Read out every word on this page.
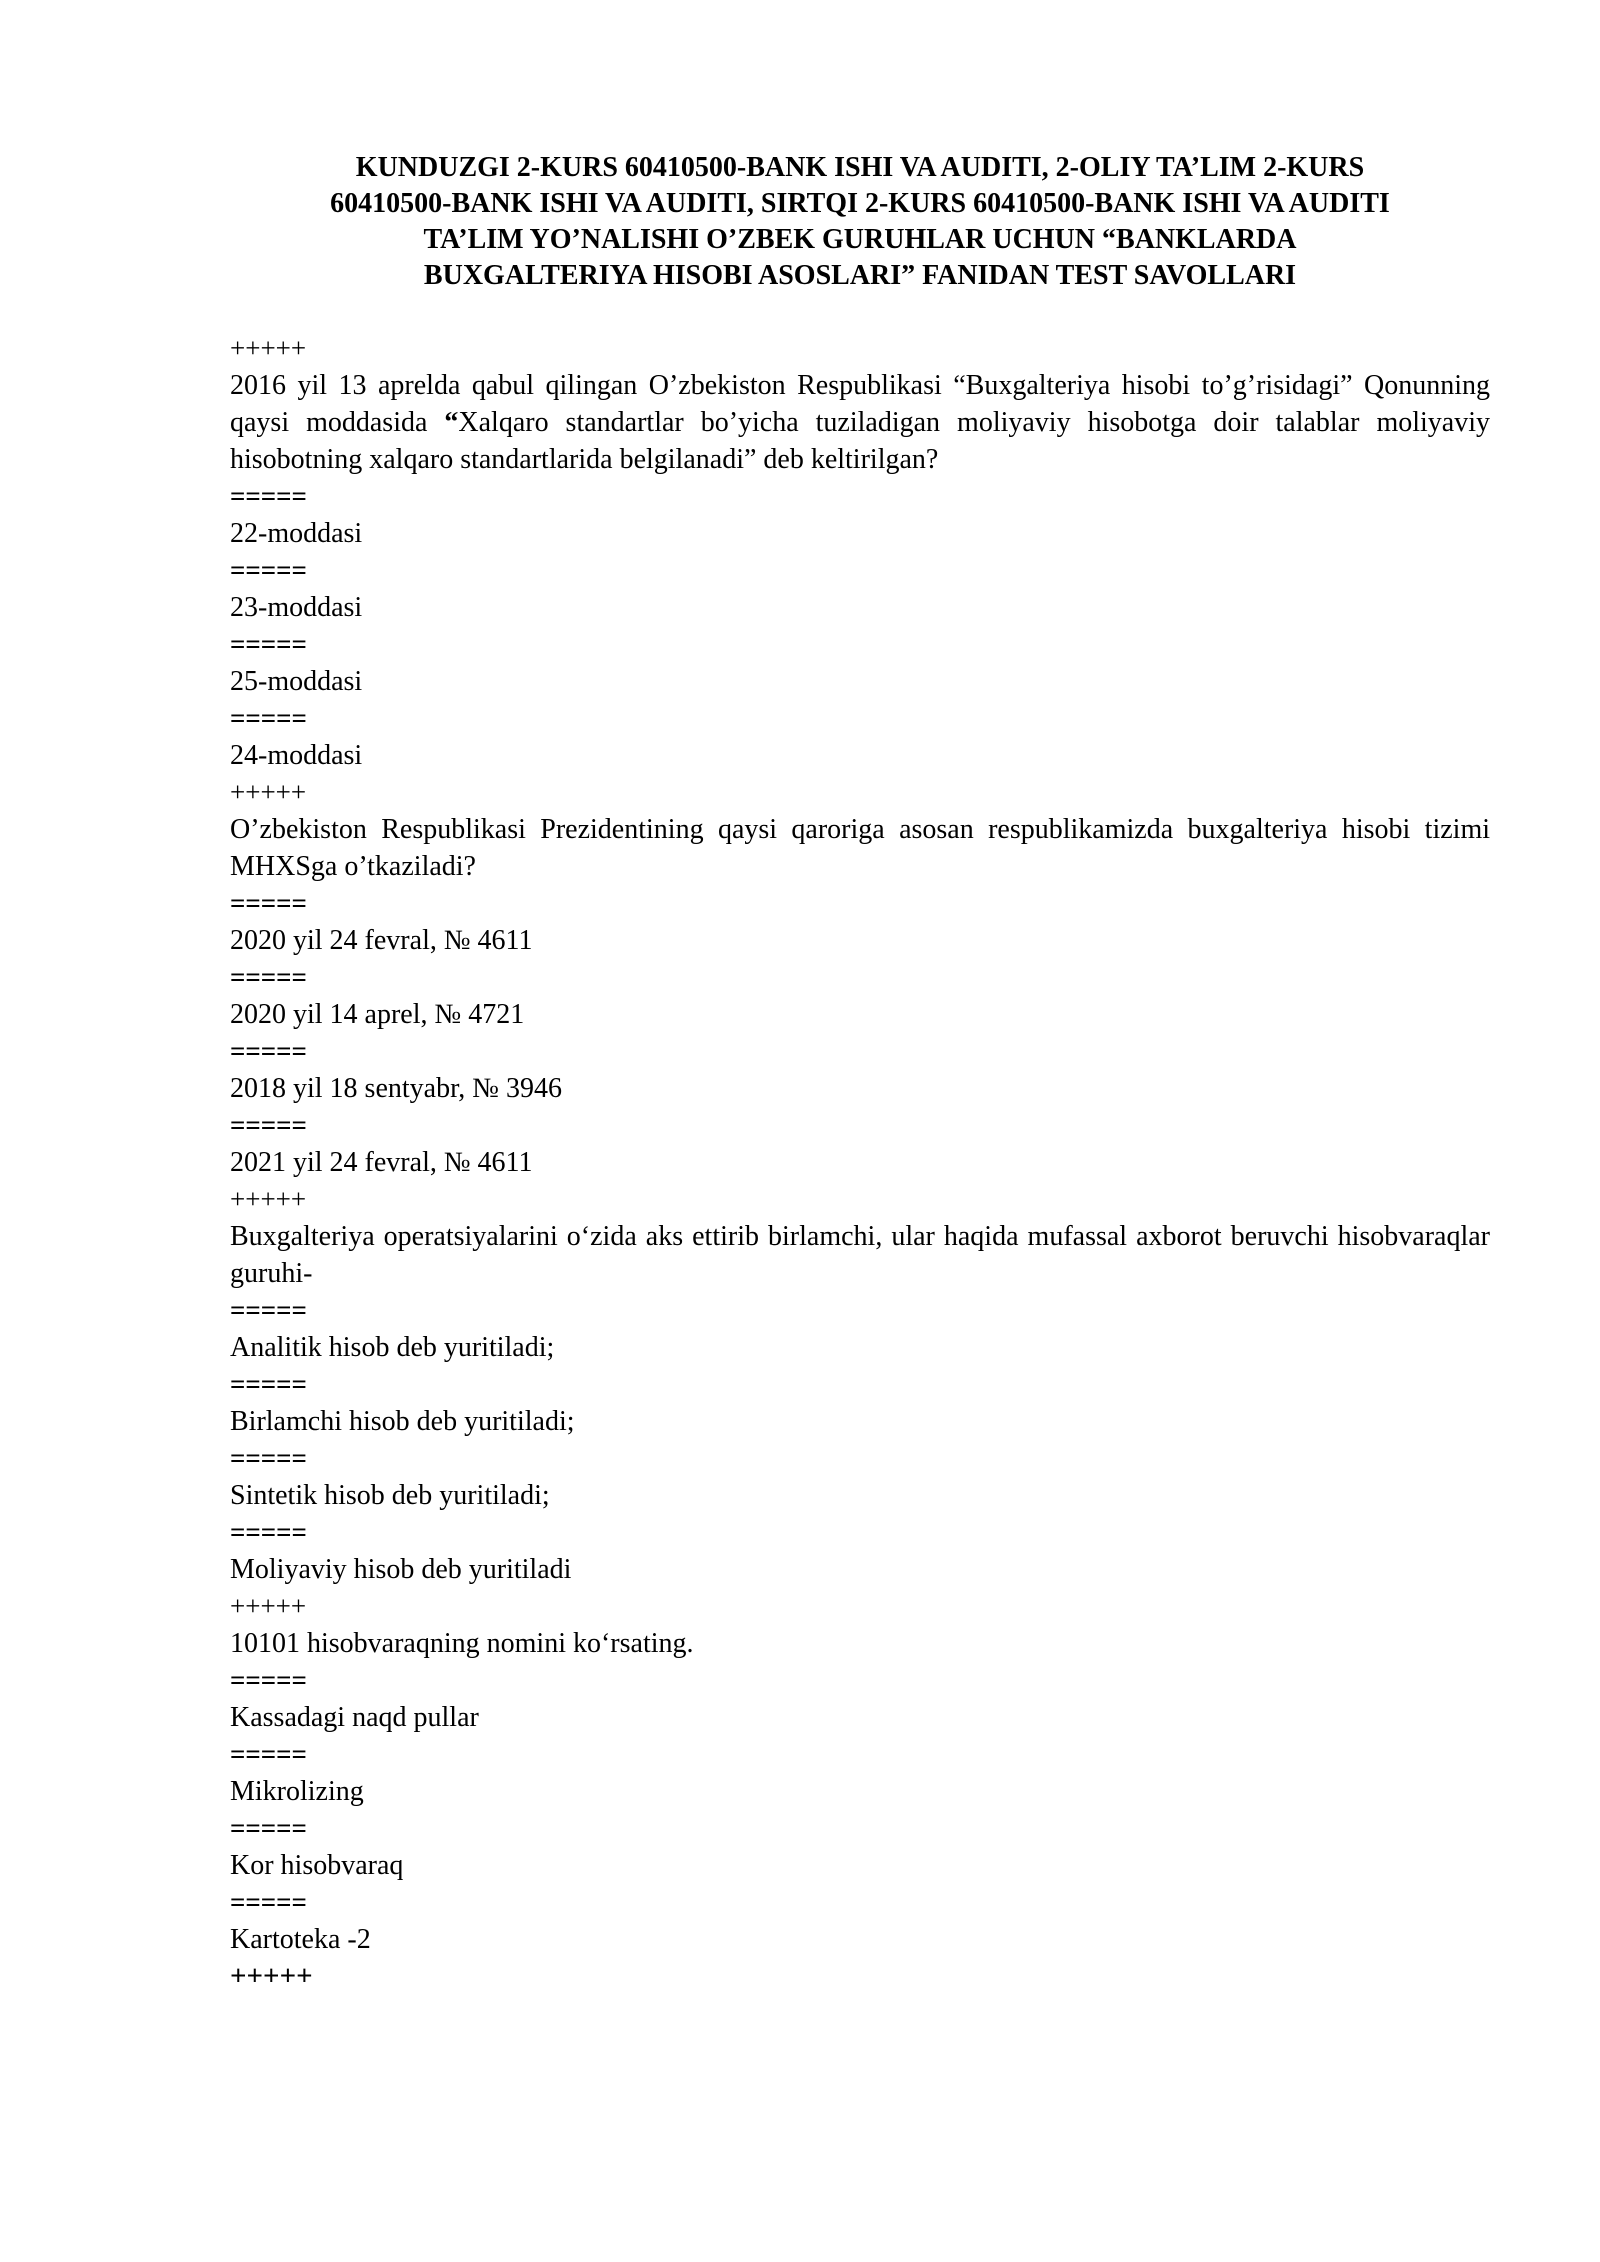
KUNDUZGI 2-KURS 60410500-BANK ISHI VA AUDITI, 2-OLIY TA’LIM 2-KURS
60410500-BANK ISHI VA AUDITI, SIRTQI 2-KURS 60410500-BANK ISHI VA AUDITI
TA’LIM YO’NALISHI O’ZBEK GURUHLAR UCHUN “BANKLARDA
BUXGALTERIYA HISOBI ASOSLARI” FANIDAN TEST SAVOLLARI
+++++
2016 yil 13 aprelda qabul qilingan O’zbekiston Respublikasi “Buxgalteriya hisobi to’g’risidagi” Qonunning qaysi moddasida “Xalqaro standartlar bo’yicha tuziladigan moliyaviy hisobotga doir talablar moliyaviy hisobotning xalqaro standartlarida belgilanadi” deb keltirilgan?
=====
22-moddasi
=====
23-moddasi
=====
25-moddasi
=====
24-moddasi
+++++
O’zbekiston Respublikasi Prezidentining qaysi qaroriga asosan respublikamizda buxgalteriya hisobi tizimi MHXSga o’tkaziladi?
=====
2020 yil 24 fevral, № 4611
=====
2020 yil 14 aprel, № 4721
=====
2018 yil 18 sentyabr, № 3946
=====
2021 yil 24 fevral, № 4611
+++++
Buxgalteriya operatsiyalarini o‘zida aks ettirib birlamchi, ular haqida mufassal axborot beruvchi hisobvaraqlar guruhi-
=====
Analitik hisob deb yuritiladi;
=====
Birlamchi hisob deb yuritiladi;
=====
Sintetik hisob deb yuritiladi;
=====
Moliyaviy hisob deb yuritiladi
+++++
10101 hisobvaraqning nomini ko‘rsating.
=====
Kassadagi naqd pullar
=====
Mikrolizing
=====
Kor hisobvaraq
=====
Kartoteka -2
+++++
